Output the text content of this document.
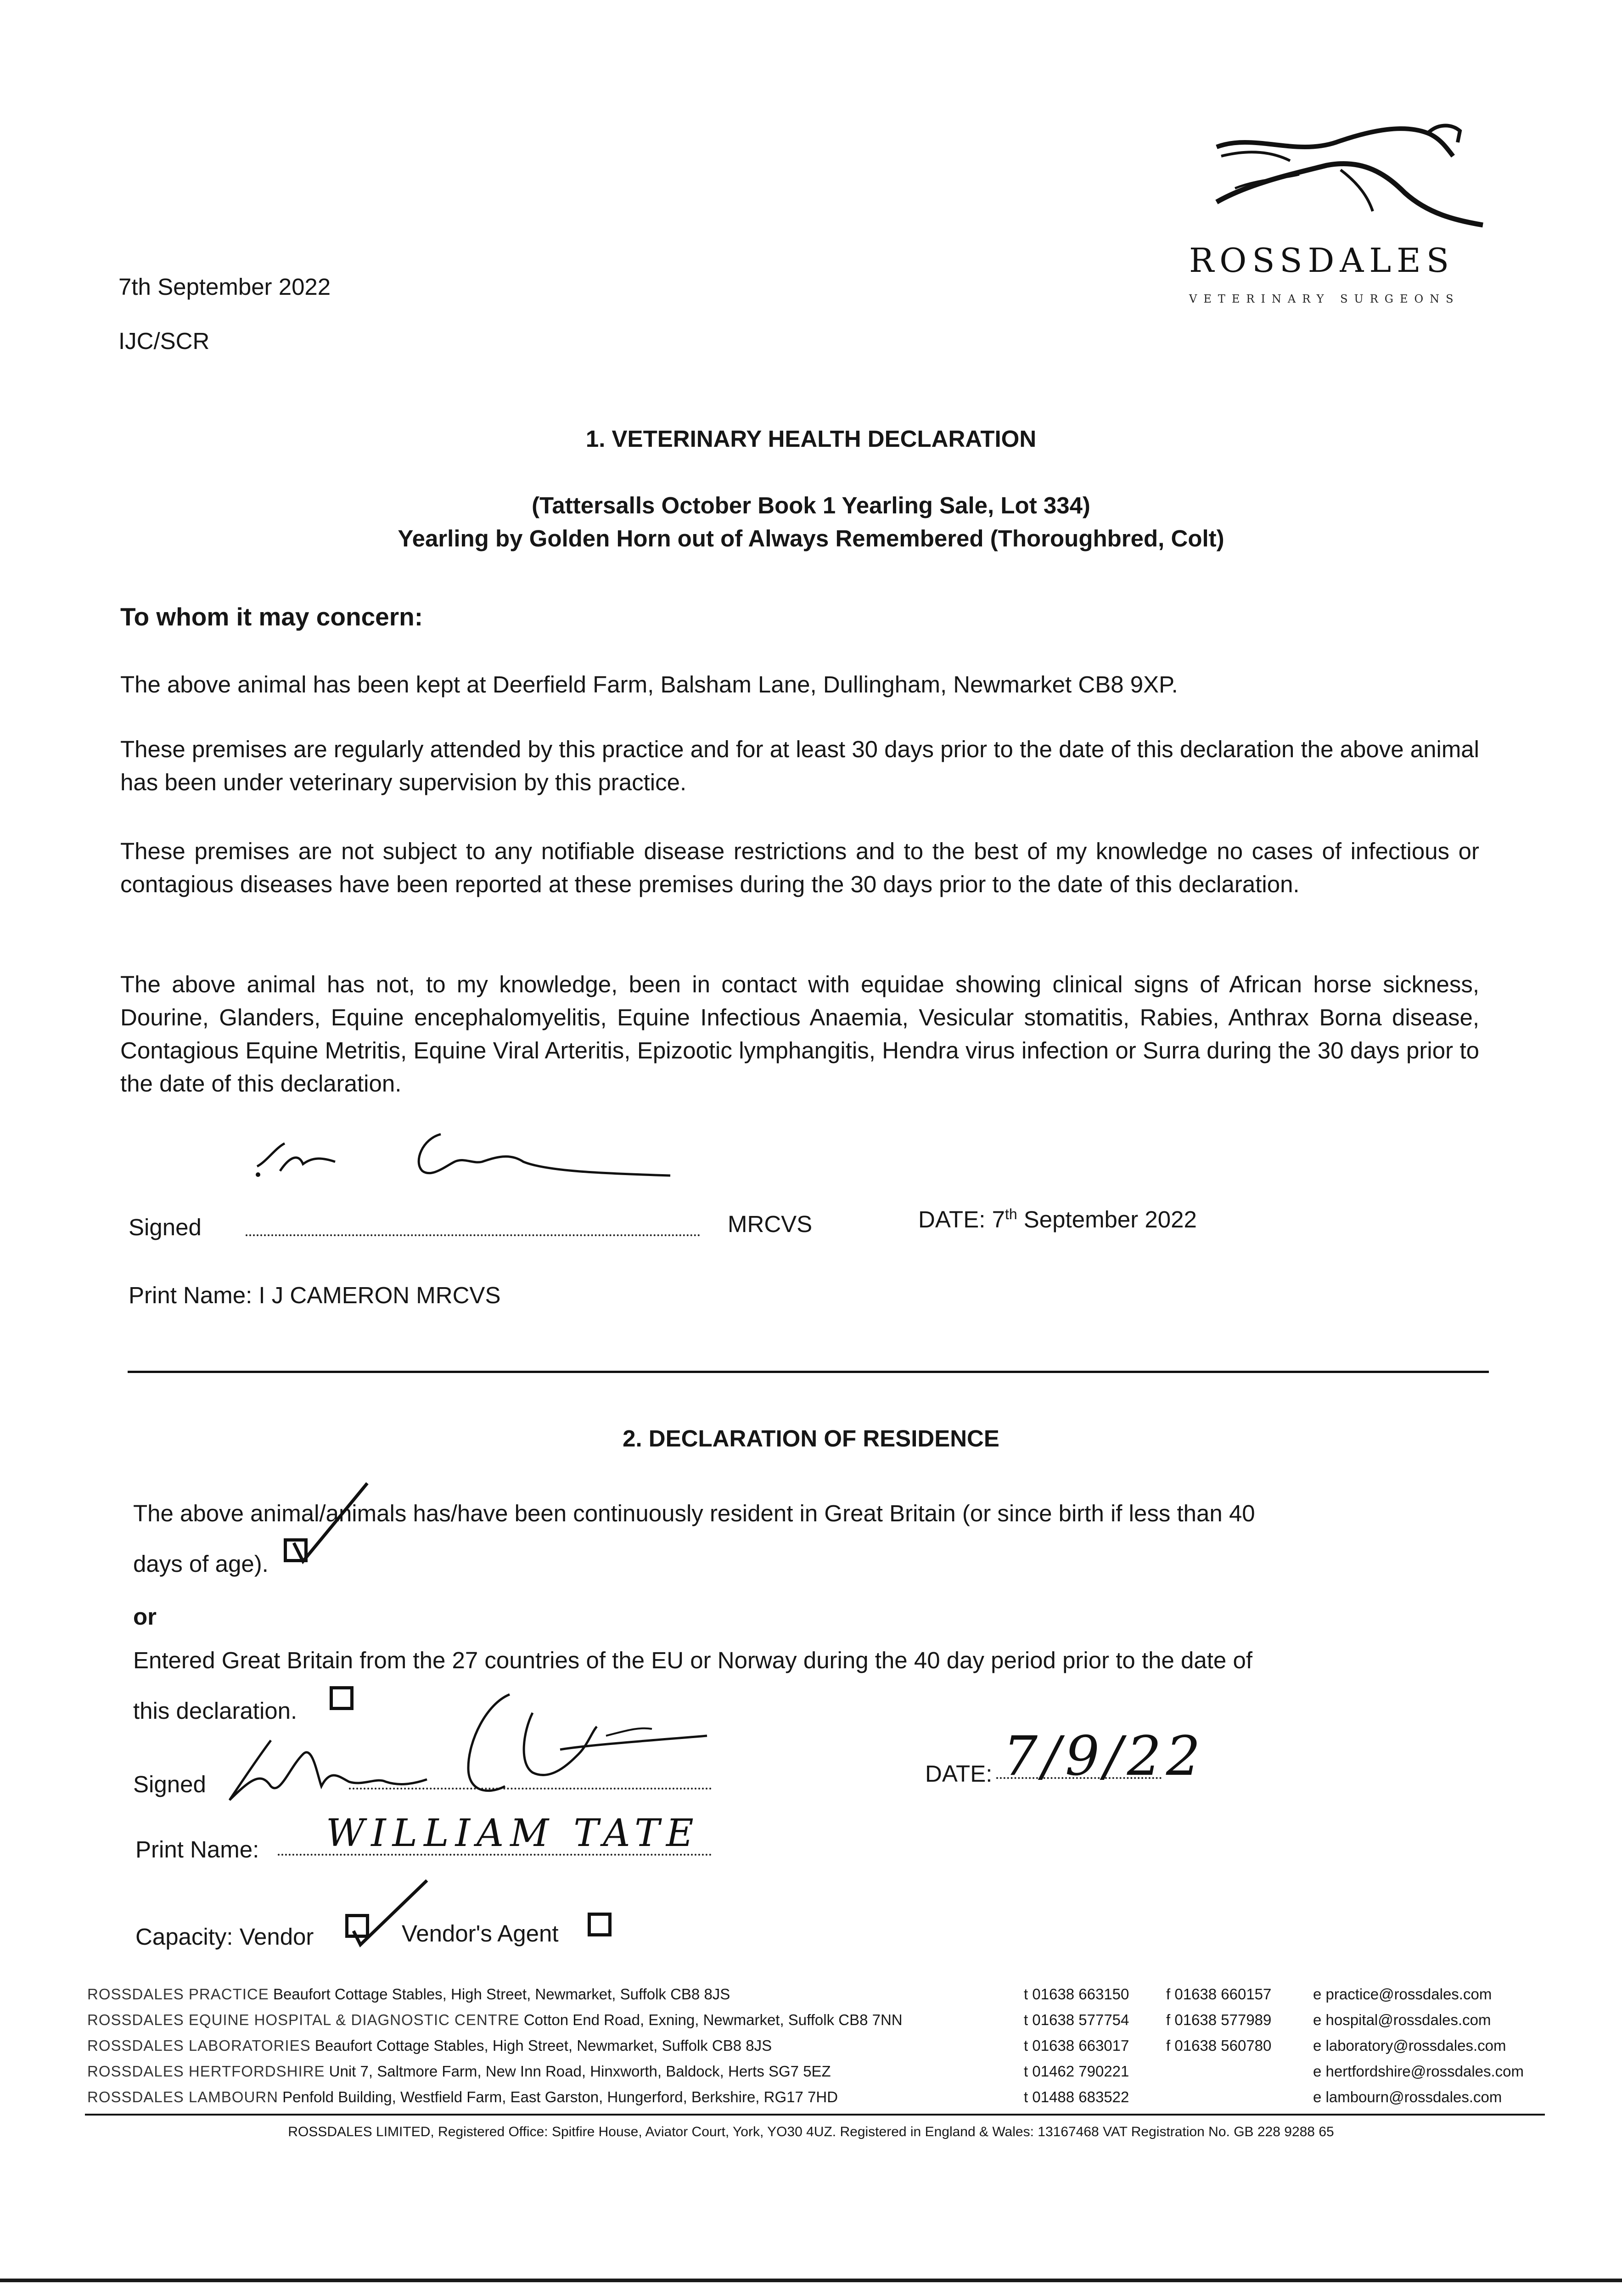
ROSSDALES
VETERINARY SURGEONS
7th September 2022
IJC/SCR
1. VETERINARY HEALTH DECLARATION
(Tattersalls October Book 1 Yearling Sale, Lot 334)
Yearling by Golden Horn out of Always Remembered (Thoroughbred, Colt)
To whom it may concern:
The above animal has been kept at Deerfield Farm, Balsham Lane, Dullingham, Newmarket CB8 9XP.
These premises are regularly attended by this practice and for at least 30 days prior to the date of this declaration the above animal has been under veterinary supervision by this practice.
These premises are not subject to any notifiable disease restrictions and to the best of my knowledge no cases of infectious or contagious diseases have been reported at these premises during the 30 days prior to the date of this declaration.
The above animal has not, to my knowledge, been in contact with equidae showing clinical signs of African horse sickness, Dourine, Glanders, Equine encephalomyelitis, Equine Infectious Anaemia, Vesicular stomatitis, Rabies, Anthrax Borna disease, Contagious Equine Metritis, Equine Viral Arteritis, Epizootic lymphangitis, Hendra virus infection or Surra during the 30 days prior to the date of this declaration.
Signed	MRCVS	DATE: 7th September 2022
Print Name: I J CAMERON MRCVS
2. DECLARATION OF RESIDENCE
The above animal/animals has/have been continuously resident in Great Britain (or since birth if less than 40
days of age).
or
Entered Great Britain from the 27 countries of the EU or Norway during the 40 day period prior to the date of
this declaration.
Signed	DATE: 7/9/22
Print Name: WILLIAM TATE
Capacity: Vendor	Vendor's Agent
ROSSDALES PRACTICE Beaufort Cottage Stables, High Street, Newmarket, Suffolk CB8 8JS	t 01638 663150 f 01638 660157	e practice@rossdales.com
ROSSDALES EQUINE HOSPITAL & DIAGNOSTIC CENTRE Cotton End Road, Exning, Newmarket, Suffolk CB8 7NN	t 01638 577754 f 01638 577989	e hospital@rossdales.com
ROSSDALES LABORATORIES Beaufort Cottage Stables, High Street, Newmarket, Suffolk CB8 8JS	t 01638 663017 f 01638 560780	e laboratory@rossdales.com
ROSSDALES HERTFORDSHIRE Unit 7, Saltmore Farm, New Inn Road, Hinxworth, Baldock, Herts SG7 5EZ	t 01462 790221	e hertfordshire@rossdales.com
ROSSDALES LAMBOURN Penfold Building, Westfield Farm, East Garston, Hungerford, Berkshire, RG17 7HD	t 01488 683522	e lambourn@rossdales.com
ROSSDALES LIMITED, Registered Office: Spitfire House, Aviator Court, York, YO30 4UZ. Registered in England & Wales: 13167468 VAT Registration No. GB 228 9288 65
